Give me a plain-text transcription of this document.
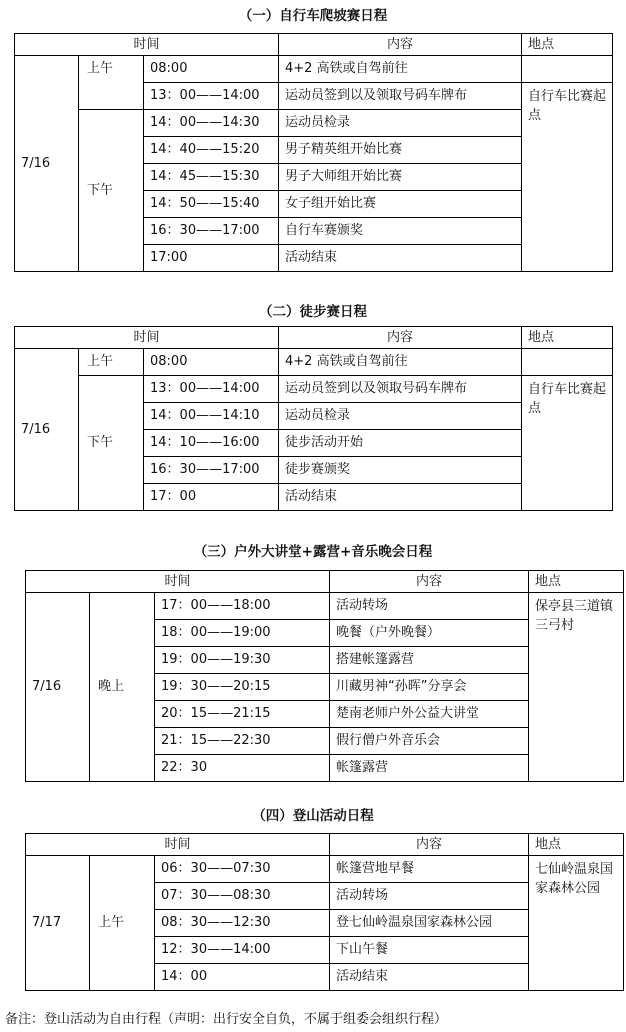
（一）自行车爬坡赛日程
时间			内容	地点
7/16	上午	08:00	4+2 高铁或自驾前往	
		13：00——14:00	运动员签到以及领取号码车牌布	自行车比赛起点
	下午	14：00——14:30	运动员检录	
		14：40——15:20	男子精英组开始比赛	
		14：45——15:30	男子大师组开始比赛	
		14：50——15:40	女子组开始比赛	
		16：30——17:00	自行车赛颁奖	
		17:00	活动结束	
（二）徒步赛日程
时间			内容	地点
7/16	上午	08:00	4+2 高铁或自驾前往	
	下午	13：00——14:00	运动员签到以及领取号码车牌布	自行车比赛起点
		14：00——14:10	运动员检录	
		14：10——16:00	徒步活动开始	
		16：30——17:00	徒步赛颁奖	
		17：00	活动结束	
（三）户外大讲堂+露营+音乐晚会日程
时间			内容	地点
7/16	晚上	17：00——18:00	活动转场	保亭县三道镇三弓村
		18：00——19:00	晚餐（户外晚餐）	
		19：00——19:30	搭建帐篷露营	
		19：30——20:15	川藏男神“孙晖”分享会	
		20：15——21:15	楚南老师户外公益大讲堂	
		21：15——22:30	假行僧户外音乐会	
		22：30	帐篷露营	
（四）登山活动日程
时间			内容	地点
7/17	上午	06：30——07:30	帐篷营地早餐	七仙岭温泉国家森林公园
		07：30——08:30	活动转场	
		08：30——12:30	登七仙岭温泉国家森林公园	
		12：30——14:00	下山午餐	
		14：00	活动结束	
备注：登山活动为自由行程（声明：出行安全自负，不属于组委会组织行程）
